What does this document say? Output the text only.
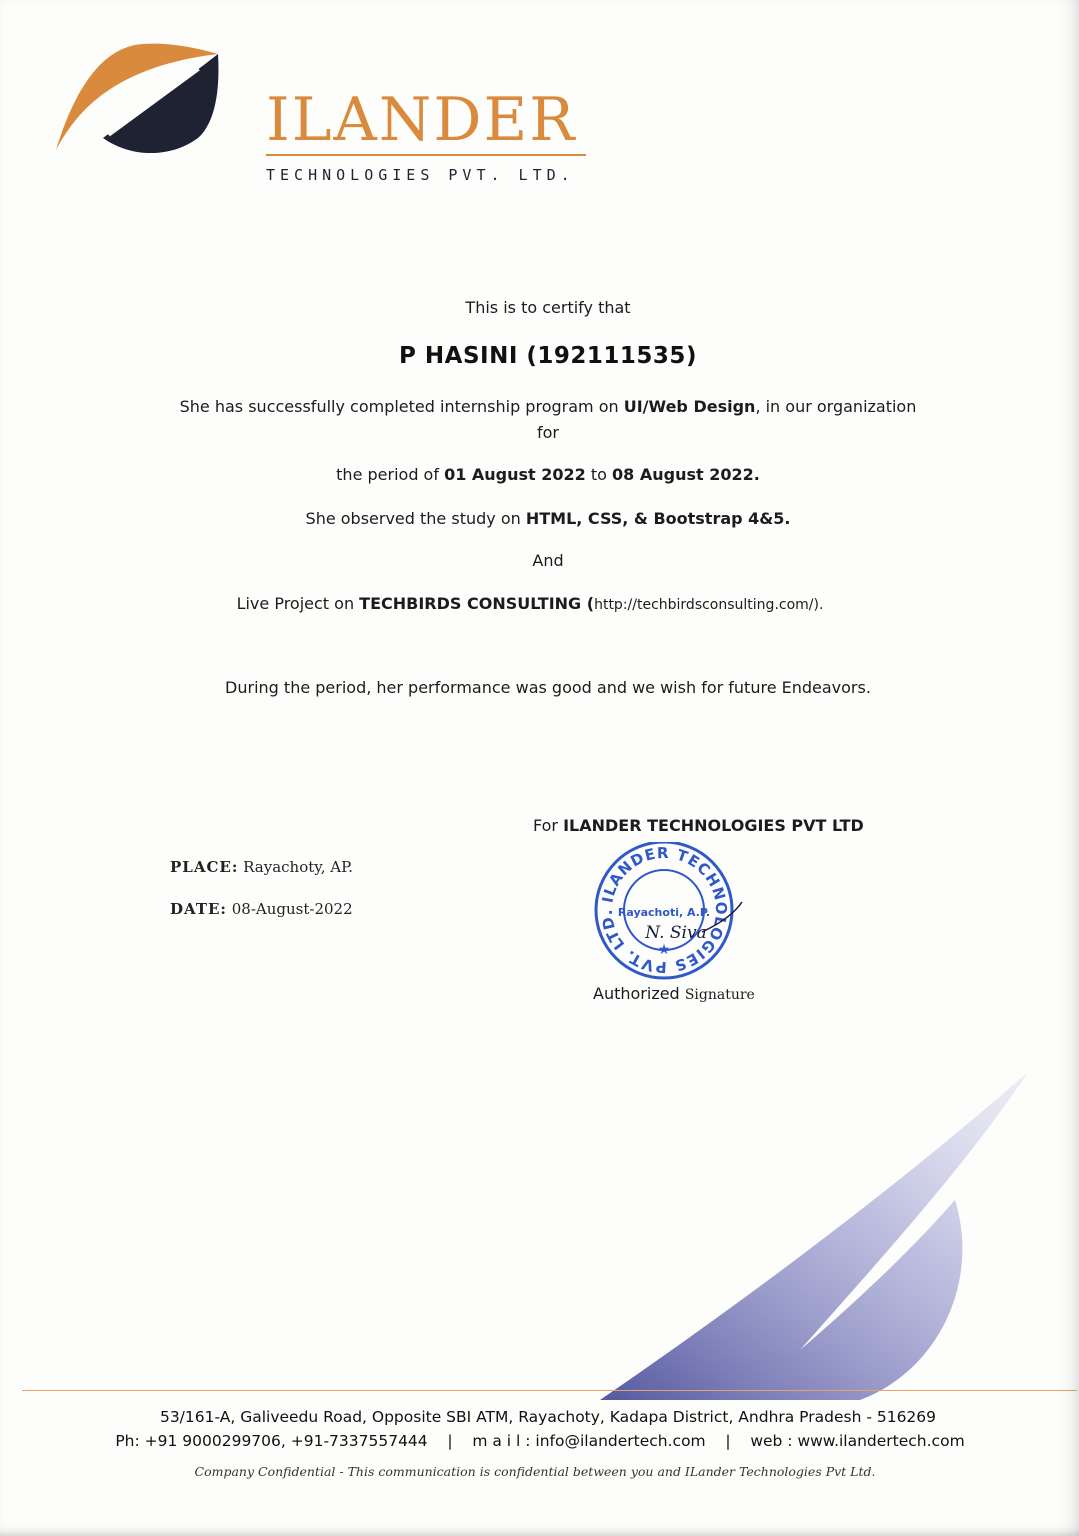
ILANDER
TECHNOLOGIES PVT. LTD.
This is to certify that
P HASINI (192111535)
She has successfully completed internship program on UI/Web Design, in our organization
for
the period of 01 August 2022 to 08 August 2022.
She observed the study on HTML, CSS, & Bootstrap 4&5.
And
Live Project on TECHBIRDS CONSULTING (http://techbirdsconsulting.com/).
During the period, her performance was good and we wish for future Endeavors.
PLACE: Rayachoty, AP.
DATE: 08-August-2022
For ILANDER TECHNOLOGIES PVT LTD
ILANDER TECHNOLOGIES PVT. LTD. Rayachoti, A.P.
★
N. Siva
Authorized Signature
53/161-A, Galiveedu Road, Opposite SBI ATM, Rayachoty, Kadapa District, Andhra Pradesh - 516269
Ph: +91 9000299706, +91-7337557444 | m a i l : info@ilandertech.com | web : www.ilandertech.com
Company Confidential - This communication is confidential between you and ILander Technologies Pvt Ltd.
